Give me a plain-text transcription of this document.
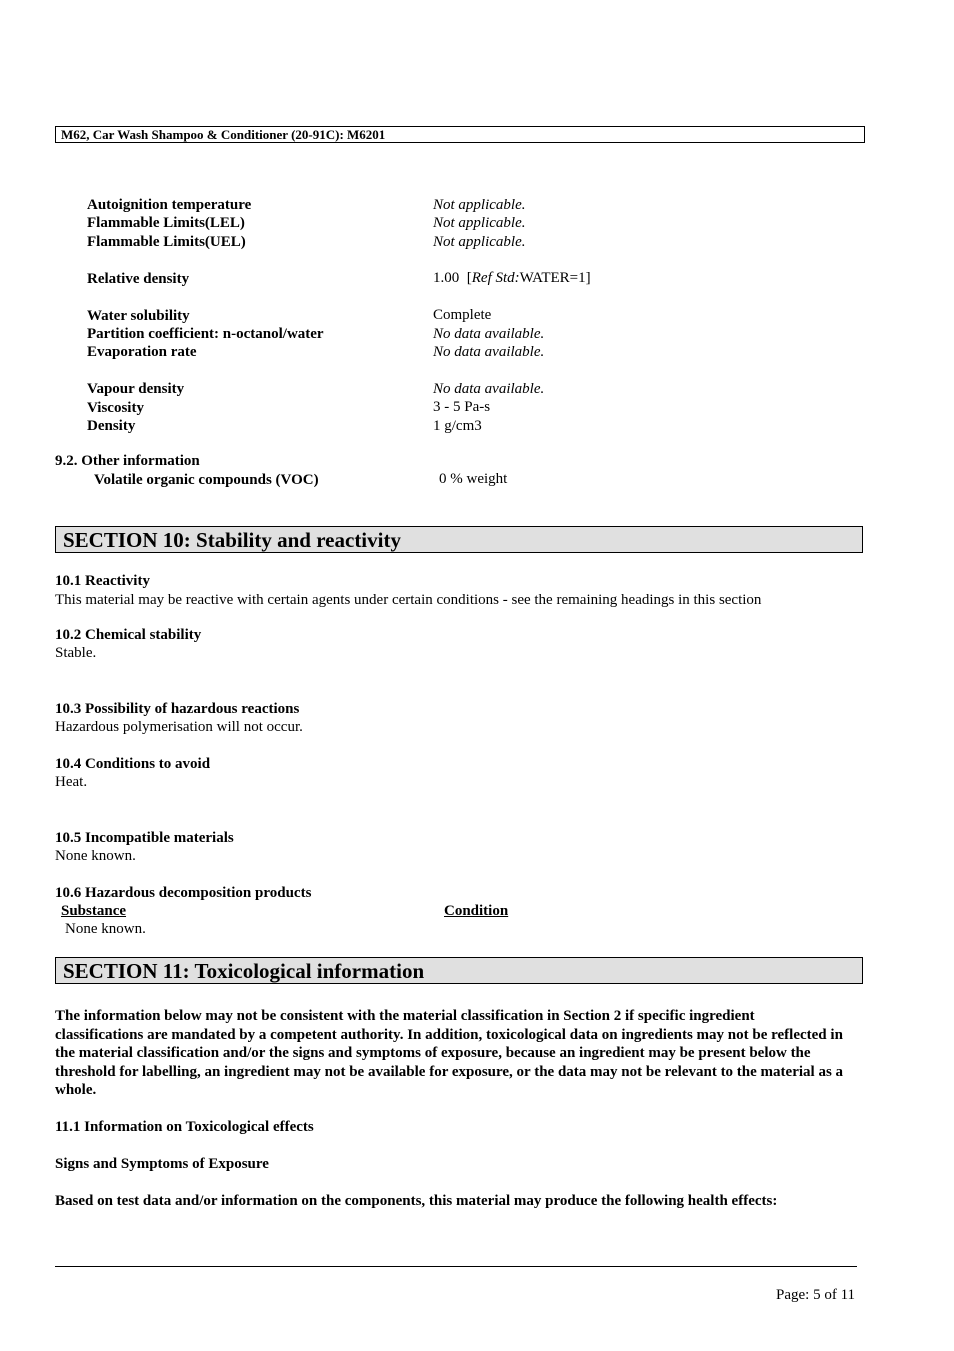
M62, Car Wash Shampoo & Conditioner (20-91C): M6201
Autoignition temperature	Not applicable.
Flammable Limits(LEL)	Not applicable.
Flammable Limits(UEL)	Not applicable.
Relative density	1.00  [Ref Std:WATER=1]
Water solubility	Complete
Partition coefficient: n-octanol/water	No data available.
Evaporation rate	No data available.
Vapour density	No data available.
Viscosity	3 - 5 Pa-s
Density	1 g/cm3
9.2. Other information
Volatile organic compounds (VOC)	0 % weight
SECTION 10: Stability and reactivity
10.1 Reactivity
This material may be reactive with certain agents under certain conditions - see the remaining headings in this section
10.2 Chemical stability
Stable.
10.3 Possibility of hazardous reactions
Hazardous polymerisation will not occur.
10.4 Conditions to avoid
Heat.
10.5 Incompatible materials
None known.
10.6 Hazardous decomposition products
Substance	Condition
None known.
SECTION 11: Toxicological information
The information below may not be consistent with the material classification in Section 2 if specific ingredient classifications are mandated by a competent authority. In addition, toxicological data on ingredients may not be reflected in the material classification and/or the signs and symptoms of exposure, because an ingredient may be present below the threshold for labelling, an ingredient may not be available for exposure, or the data may not be relevant to the material as a whole.
11.1 Information on Toxicological effects
Signs and Symptoms of Exposure
Based on test data and/or information on the components, this material may produce the following health effects:
Page: 5 of 11
